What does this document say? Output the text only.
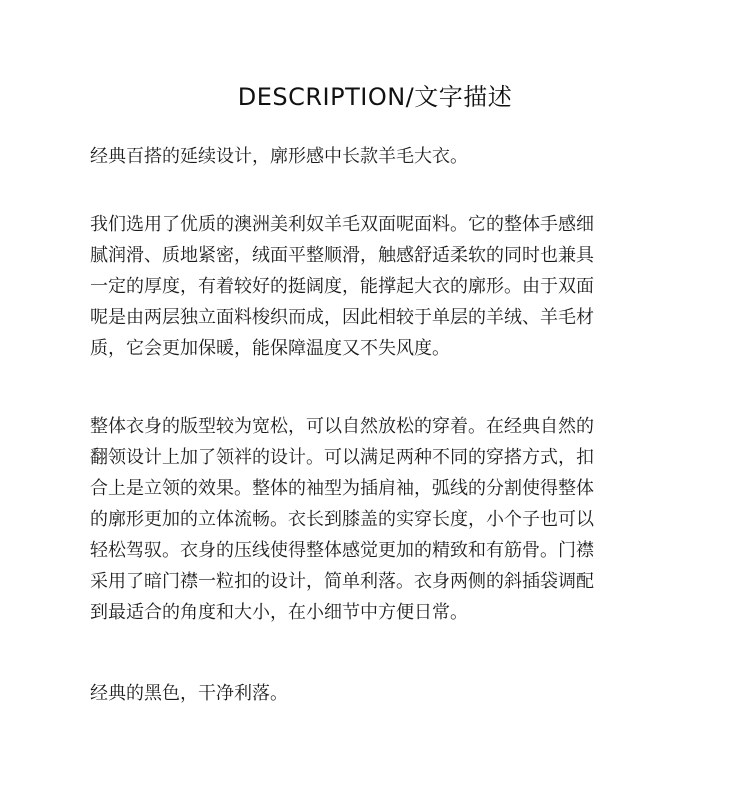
DESCRIPTION/文字描述

经典百搭的延续设计，廓形感中长款羊毛大衣。

我们选用了优质的澳洲美利奴羊毛双面呢面料。它的整体手感细
腻润滑、质地紧密，绒面平整顺滑，触感舒适柔软的同时也兼具
一定的厚度，有着较好的挺阔度，能撑起大衣的廓形。由于双面
呢是由两层独立面料梭织而成，因此相较于单层的羊绒、羊毛材
质，它会更加保暖，能保障温度又不失风度。

整体衣身的版型较为宽松，可以自然放松的穿着。在经典自然的
翻领设计上加了领袢的设计。可以满足两种不同的穿搭方式，扣
合上是立领的效果。整体的袖型为插肩袖，弧线的分割使得整体
的廓形更加的立体流畅。衣长到膝盖的实穿长度，小个子也可以
轻松驾驭。衣身的压线使得整体感觉更加的精致和有筋骨。门襟
采用了暗门襟一粒扣的设计，简单利落。衣身两侧的斜插袋调配
到最适合的角度和大小，在小细节中方便日常。

经典的黑色，干净利落。
